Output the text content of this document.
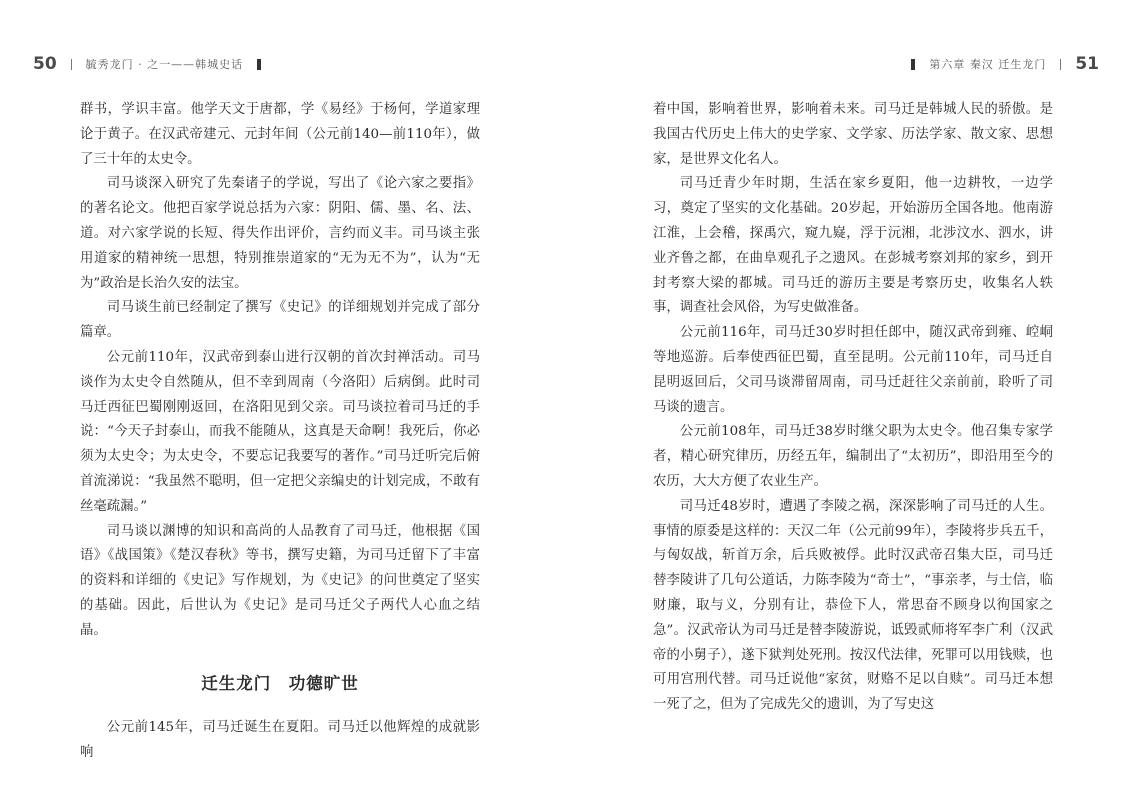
50	毓秀龙门 · 之一——韩城史话

群书，学识丰富。他学天文于唐都，学《易经》于杨何，学道家理论于黄子。在汉武帝建元、元封年间（公元前140—前110年），做了三十年的太史令。

司马谈深入研究了先秦诸子的学说，写出了《论六家之要指》的著名论文。他把百家学说总括为六家：阴阳、儒、墨、名、法、道。对六家学说的长短、得失作出评价，言约而义丰。司马谈主张用道家的精神统一思想，特别推崇道家的“无为无不为”，认为“无为”政治是长治久安的法宝。

司马谈生前已经制定了撰写《史记》的详细规划并完成了部分篇章。

公元前110年，汉武帝到泰山进行汉朝的首次封禅活动。司马谈作为太史令自然随从，但不幸到周南（今洛阳）后病倒。此时司马迁西征巴蜀刚刚返回，在洛阳见到父亲。司马谈拉着司马迁的手说：“今天子封泰山，而我不能随从，这真是天命啊！我死后，你必须为太史令；为太史令，不要忘记我要写的著作。”司马迁听完后俯首流涕说：“我虽然不聪明，但一定把父亲编史的计划完成，不敢有丝毫疏漏。”

司马谈以渊博的知识和高尚的人品教育了司马迁，他根据《国语》《战国策》《楚汉春秋》等书，撰写史籍，为司马迁留下了丰富的资料和详细的《史记》写作规划，为《史记》的问世奠定了坚实的基础。因此，后世认为《史记》是司马迁父子两代人心血之结晶。

迁生龙门　功德旷世

公元前145年，司马迁诞生在夏阳。司马迁以他辉煌的成就影响

第六章 秦汉 迁生龙门 51

着中国，影响着世界，影响着未来。司马迁是韩城人民的骄傲。是我国古代历史上伟大的史学家、文学家、历法学家、散文家、思想家，是世界文化名人。

司马迁青少年时期，生活在家乡夏阳，他一边耕牧，一边学习，奠定了坚实的文化基础。20岁起，开始游历全国各地。他南游江淮，上会稽，探禹穴，窥九嶷，浮于沅湘，北涉汶水、泗水，讲业齐鲁之都，在曲阜观孔子之遗风。在彭城考察刘邦的家乡，到开封考察大梁的都城。司马迁的游历主要是考察历史，收集名人轶事，调查社会风俗，为写史做准备。

公元前116年，司马迁30岁时担任郎中，随汉武帝到雍、崆峒等地巡游。后奉使西征巴蜀，直至昆明。公元前110年，司马迁自昆明返回后，父司马谈滞留周南，司马迁赶往父亲前前，聆听了司马谈的遗言。

公元前108年，司马迁38岁时继父职为太史令。他召集专家学者，精心研究律历，历经五年，编制出了“太初历”，即沿用至今的农历，大大方便了农业生产。

司马迁48岁时，遭遇了李陵之祸，深深影响了司马迁的人生。事情的原委是这样的：天汉二年（公元前99年），李陵将步兵五千，与匈奴战，斩首万余，后兵败被俘。此时汉武帝召集大臣，司马迁替李陵讲了几句公道话，力陈李陵为“奇士”，“事亲孝，与士信，临财廉，取与义，分别有让，恭俭下人，常思奋不顾身以徇国家之急”。汉武帝认为司马迁是替李陵游说，诋毁贰师将军李广利（汉武帝的小舅子），遂下狱判处死刑。按汉代法律，死罪可以用钱赎，也可用宫刑代替。司马迁说他“家贫，财赂不足以自赎”。司马迁本想一死了之，但为了完成先父的遗训，为了写史这
